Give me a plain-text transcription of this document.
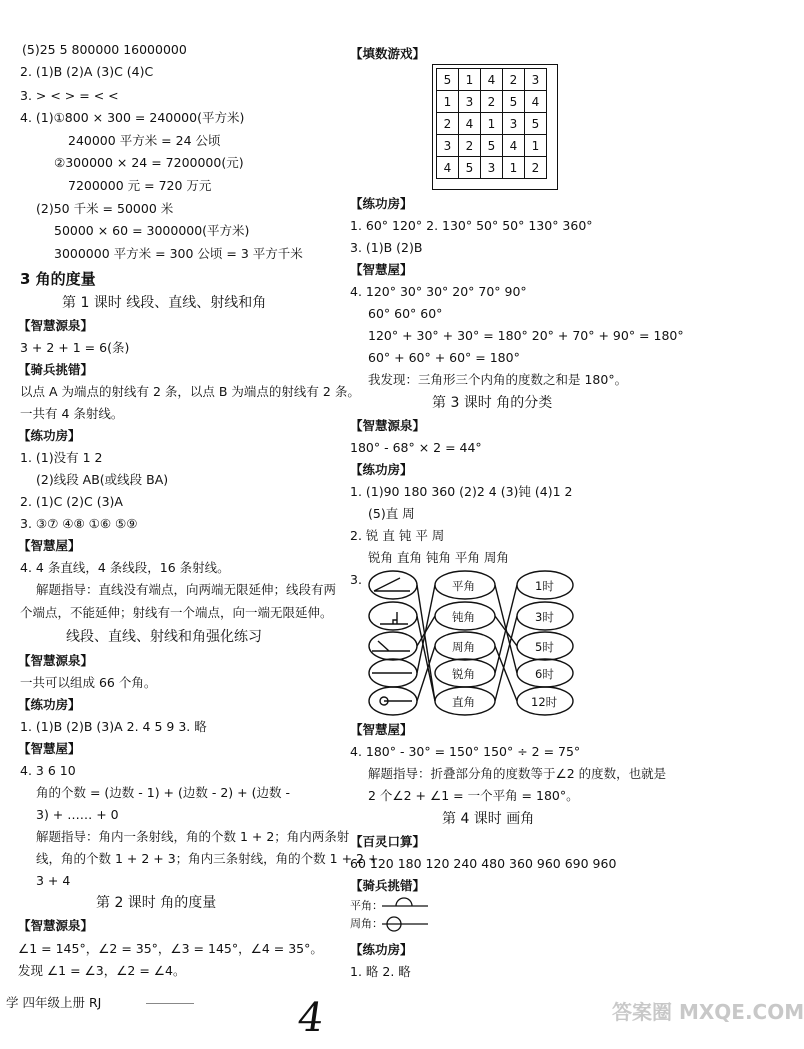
(5)25 5 800000 16000000
2. (1)B (2)A (3)C (4)C
3. > < > = < <
4. (1)①800 × 300 = 240000(平方米)
240000 平方米 = 24 公顷
②300000 × 24 = 7200000(元)
7200000 元 = 720 万元
(2)50 千米 = 50000 米
50000 × 60 = 3000000(平方米)
3000000 平方米 = 300 公顷 = 3 平方千米
3 角的度量
第 1 课时 线段、直线、射线和角
【智慧源泉】
3 + 2 + 1 = 6(条)
【骑兵挑错】
以点 A 为端点的射线有 2 条，以点 B 为端点的射线有 2 条。
一共有 4 条射线。
【练功房】
1. (1)没有 1 2
(2)线段 AB(或线段 BA)
2. (1)C (2)C (3)A
3. ③⑦ ④⑧ ①⑥ ⑤⑨
【智慧屋】
4. 4 条直线，4 条线段，16 条射线。
解题指导：直线没有端点，向两端无限延伸；线段有两
个端点，不能延伸；射线有一个端点，向一端无限延伸。
线段、直线、射线和角强化练习
【智慧源泉】
一共可以组成 66 个角。
【练功房】
1. (1)B (2)B (3)A 2. 4 5 9 3. 略
【智慧屋】
4. 3 6 10
角的个数 = (边数 - 1) + (边数 - 2) + (边数 -
3) + …… + 0
解题指导：角内一条射线，角的个数 1 + 2；角内两条射
线，角的个数 1 + 2 + 3；角内三条射线，角的个数 1 + 2 +
3 + 4
第 2 课时 角的度量
【智慧源泉】
∠1 = 145°，∠2 = 35°，∠3 = 145°，∠4 = 35°。
发现 ∠1 = ∠3，∠2 = ∠4。
学 四年级上册 RJ	4
【填数游戏】
5	1	4	2	3
1	3	2	5	4
2	4	1	3	5
3	2	5	4	1
4	5	3	1	2
【练功房】
1. 60° 120° 2. 130° 50° 50° 130° 360°
3. (1)B (2)B
【智慧屋】
4. 120° 30° 30° 20° 70° 90°
60° 60° 60°
120° + 30° + 30° = 180° 20° + 70° + 90° = 180°
60° + 60° + 60° = 180°
我发现：三角形三个内角的度数之和是 180°。
第 3 课时 角的分类
【智慧源泉】
180° - 68° × 2 = 44°
【练功房】
1. (1)90 180 360 (2)2 4 (3)钝 (4)1 2
(5)直 周
2. 锐 直 钝 平 周
锐角 直角 钝角 平角 周角
3.	平角
钝角
周角
锐角
直角
1时
3时
5时
6时
12时
【智慧屋】
4. 180° - 30° = 150° 150° ÷ 2 = 75°
解题指导：折叠部分角的度数等于∠2 的度数，也就是
2 个∠2 + ∠1 = 一个平角 = 180°。
第 4 课时 画角
【百灵口算】
60 120 180 120 240 480 360 960 690 960
【骑兵挑错】
平角：
周角：
【练功房】
1. 略 2. 略
答案圈 MXQE.COM
